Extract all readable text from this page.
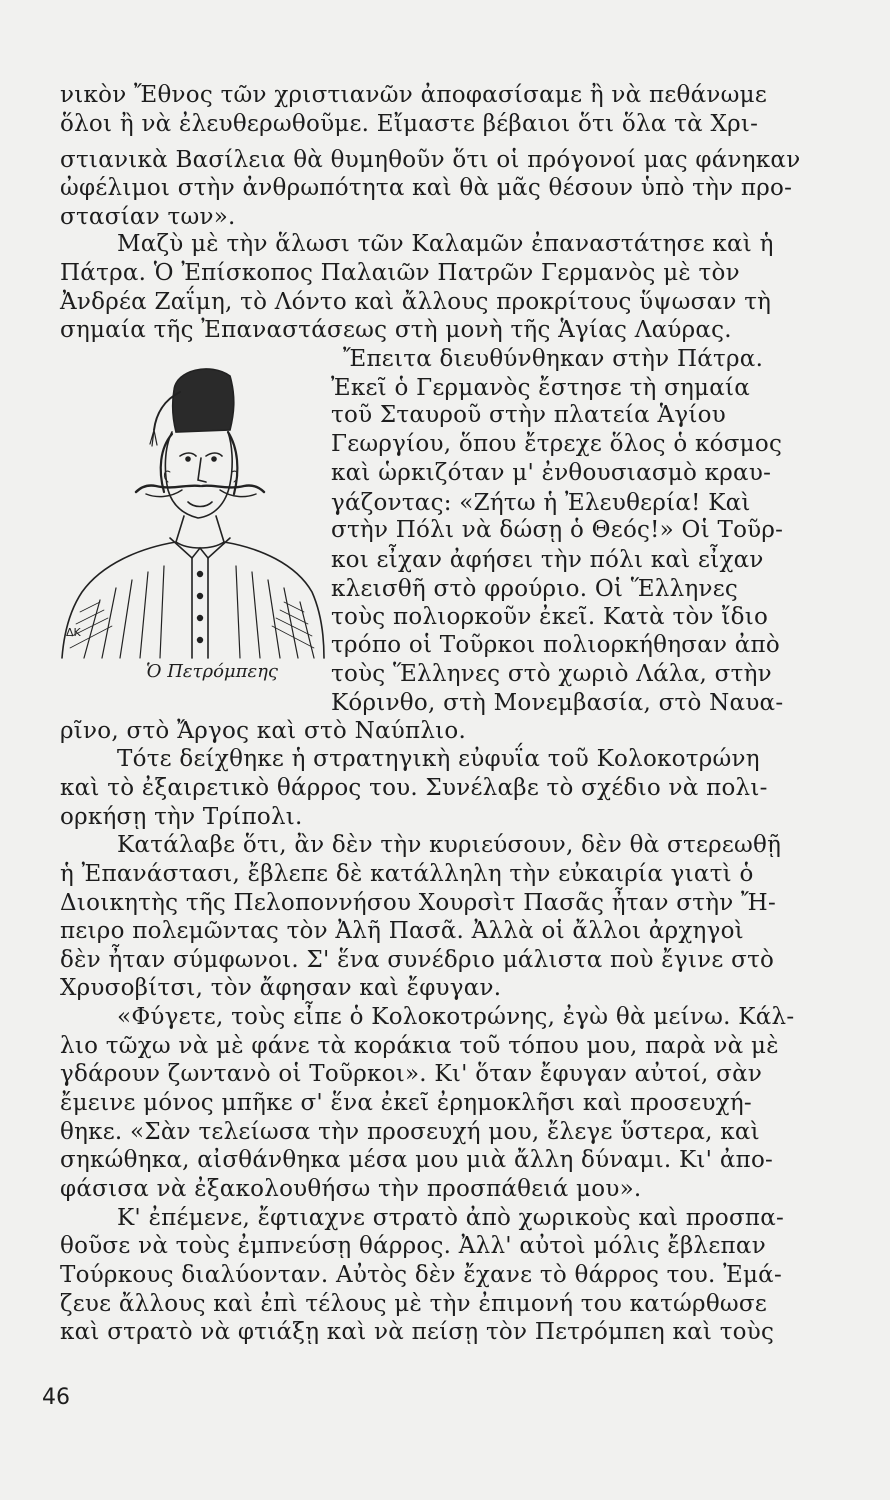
νικὸν Ἔθνος τῶν χριστιανῶν ἀποφασίσαμε ἢ νὰ πεθάνωμε
ὅλοι ἢ νὰ ἐλευθερωθοῦμε. Εἴμαστε βέβαιοι ὅτι ὅλα τὰ Χρι-
στιανικὰ Βασίλεια θὰ θυμηθοῦν ὅτι οἱ πρόγονοί μας φάνηκαν
ὠφέλιμοι στὴν ἀνθρωπότητα καὶ θὰ μᾶς θέσουν ὑπὸ τὴν προ-
στασίαν των».
Μαζὺ μὲ τὴν ἅλωσι τῶν Καλαμῶν ἐπαναστάτησε καὶ ἡ
Πάτρα. Ὁ Ἐπίσκοπος Παλαιῶν Πατρῶν Γερμανὸς μὲ τὸν
Ἀνδρέα Ζαΐμη, τὸ Λόντο καὶ ἄλλους προκρίτους ὕψωσαν τὴ
σημαία τῆς Ἐπαναστάσεως στὴ μονὴ τῆς Ἁγίας Λαύρας.
ΔΚ
Ὁ Πετρόμπεης
Ἔπειτα διευθύνθηκαν στὴν Πάτρα.
Ἐκεῖ ὁ Γερμανὸς ἔστησε τὴ σημαία
τοῦ Σταυροῦ στὴν πλατεία Ἁγίου
Γεωργίου, ὅπου ἔτρεχε ὅλος ὁ κόσμος
καὶ ὡρκιζόταν μ' ἐνθουσιασμὸ κραυ-
γάζοντας: «Ζήτω ἡ Ἐλευθερία! Καὶ
στὴν Πόλι νὰ δώσῃ ὁ Θεός!» Οἱ Τοῦρ-
κοι εἶχαν ἀφήσει τὴν πόλι καὶ εἶχαν
κλεισθῆ στὸ φρούριο. Οἱ Ἕλληνες
τοὺς πολιορκοῦν ἐκεῖ. Κατὰ τὸν ἴδιο
τρόπο οἱ Τοῦρκοι πολιορκήθησαν ἀπὸ
τοὺς Ἕλληνες στὸ χωριὸ Λάλα, στὴν
Κόρινθο, στὴ Μονεμβασία, στὸ Ναυα-
ρῖνο, στὸ Ἄργος καὶ στὸ Ναύπλιο.
Τότε δείχθηκε ἡ στρατηγικὴ εὐφυΐα τοῦ Κολοκοτρώνη
καὶ τὸ ἐξαιρετικὸ θάρρος του. Συνέλαβε τὸ σχέδιο νὰ πολι-
ορκήσῃ τὴν Τρίπολι.
Κατάλαβε ὅτι, ἂν δὲν τὴν κυριεύσουν, δὲν θὰ στερεωθῇ
ἡ Ἐπανάστασι, ἔβλεπε δὲ κατάλληλη τὴν εὐκαιρία γιατὶ ὁ
Διοικητὴς τῆς Πελοποννήσου Χουρσὶτ Πασᾶς ἦταν στὴν Ἤ-
πειρο πολεμῶντας τὸν Ἀλῆ Πασᾶ. Ἀλλὰ οἱ ἄλλοι ἀρχηγοὶ
δὲν ἦταν σύμφωνοι. Σ' ἕνα συνέδριο μάλιστα ποὺ ἔγινε στὸ
Χρυσοβίτσι, τὸν ἄφησαν καὶ ἔφυγαν.
«Φύγετε, τοὺς εἶπε ὁ Κολοκοτρώνης, ἐγὼ θὰ μείνω. Κάλ-
λιο τῶχω νὰ μὲ φάνε τὰ κοράκια τοῦ τόπου μου, παρὰ νὰ μὲ
γδάρουν ζωντανὸ οἱ Τοῦρκοι». Κι' ὅταν ἔφυγαν αὐτοί, σὰν
ἔμεινε μόνος μπῆκε σ' ἕνα ἐκεῖ ἐρημοκλῆσι καὶ προσευχή-
θηκε. «Σὰν τελείωσα τὴν προσευχή μου, ἔλεγε ὕστερα, καὶ
σηκώθηκα, αἰσθάνθηκα μέσα μου μιὰ ἄλλη δύναμι. Κι' ἀπο-
φάσισα νὰ ἐξακολουθήσω τὴν προσπάθειά μου».
Κ' ἐπέμενε, ἔφτιαχνε στρατὸ ἀπὸ χωρικοὺς καὶ προσπα-
θοῦσε νὰ τοὺς ἐμπνεύσῃ θάρρος. Ἀλλ' αὐτοὶ μόλις ἔβλεπαν
Τούρκους διαλύονταν. Αὐτὸς δὲν ἔχανε τὸ θάρρος του. Ἐμά-
ζευε ἄλλους καὶ ἐπὶ τέλους μὲ τὴν ἐπιμονή του κατώρθωσε
καὶ στρατὸ νὰ φτιάξῃ καὶ νὰ πείσῃ τὸν Πετρόμπεη καὶ τοὺς
46
